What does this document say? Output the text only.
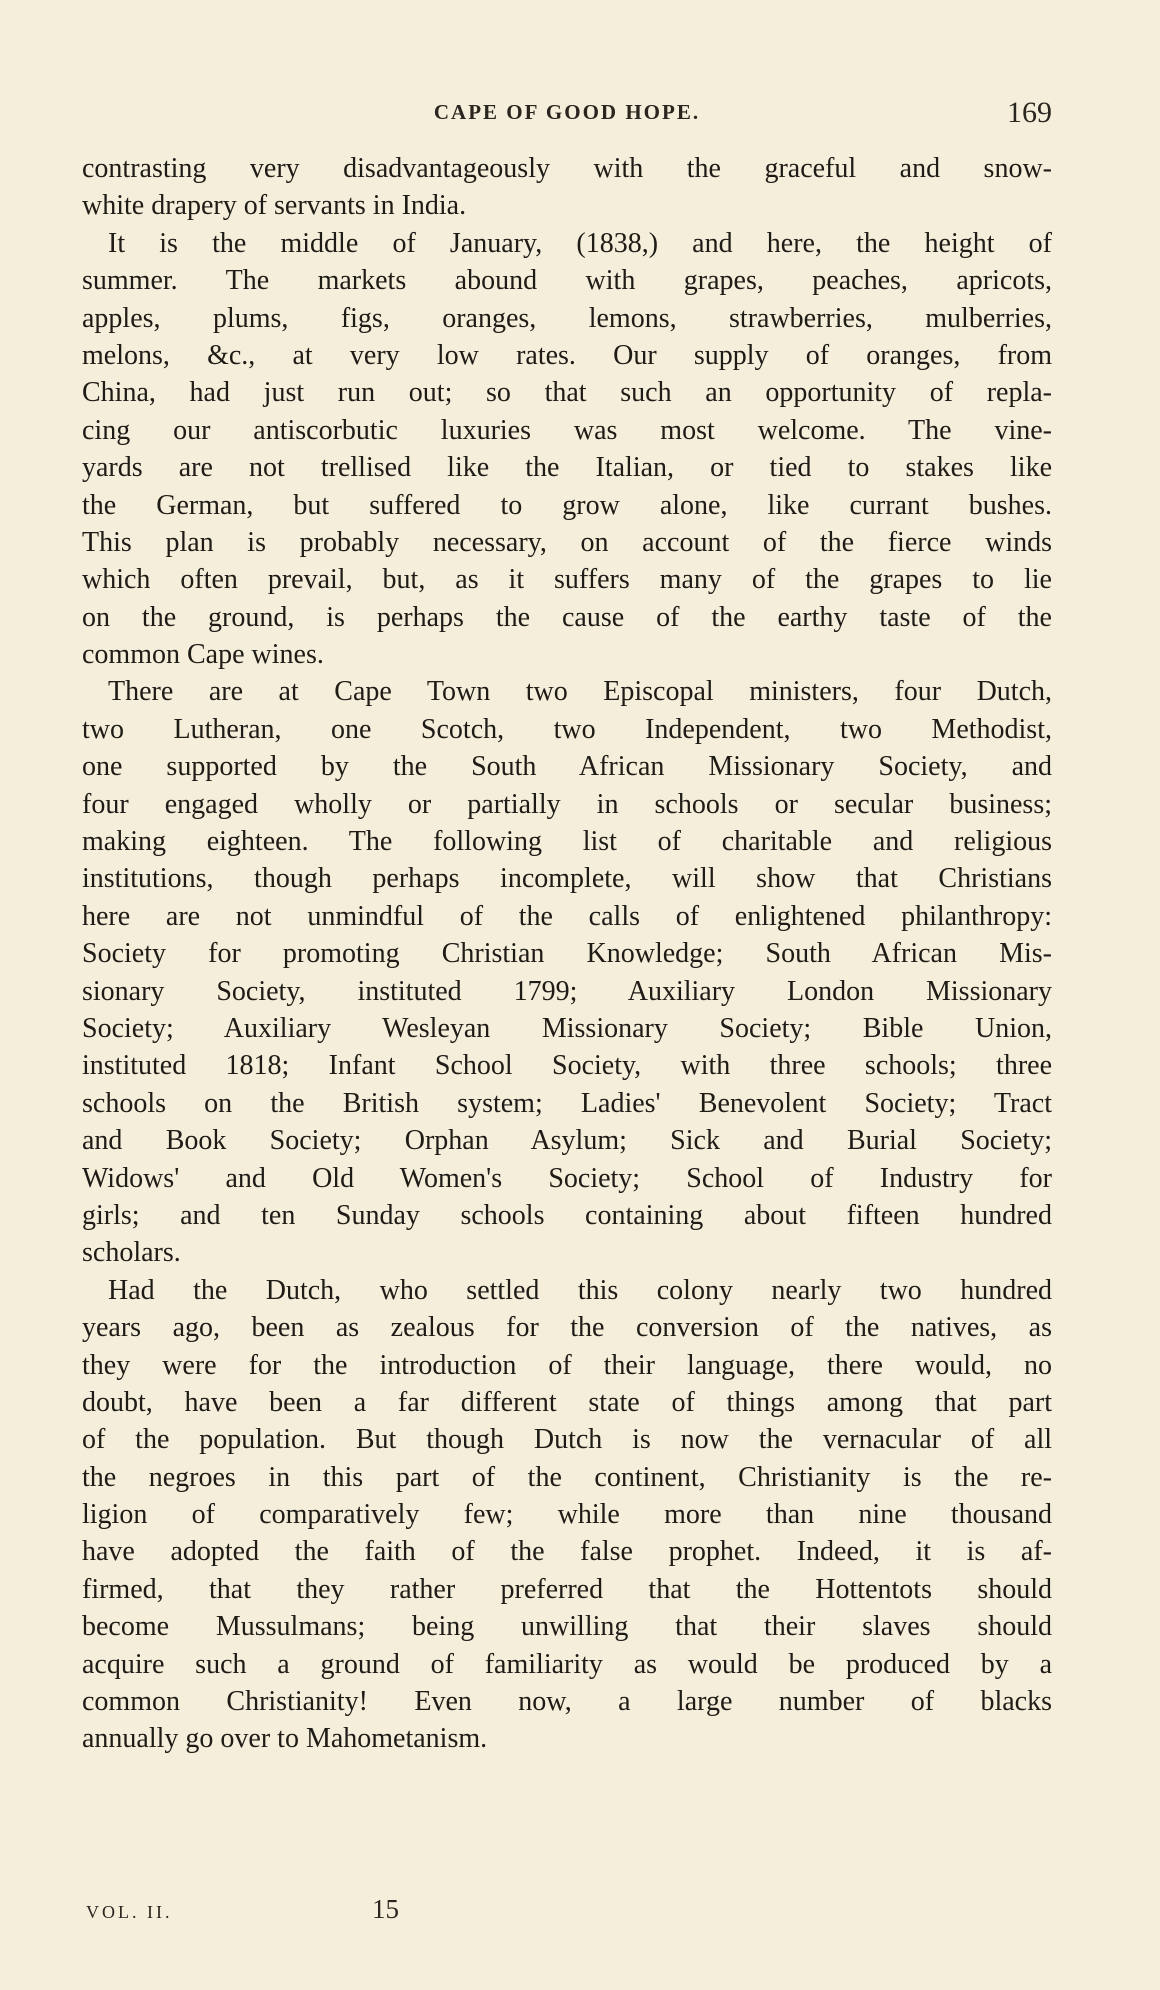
CAPE OF GOOD HOPE.	169
contrasting very disadvantageously with the graceful and snow-
white drapery of servants in India.
It is the middle of January, (1838,) and here, the height of
summer. The markets abound with grapes, peaches, apricots,
apples, plums, figs, oranges, lemons, strawberries, mulberries,
melons, &c., at very low rates. Our supply of oranges, from
China, had just run out; so that such an opportunity of repla-
cing our antiscorbutic luxuries was most welcome. The vine-
yards are not trellised like the Italian, or tied to stakes like
the German, but suffered to grow alone, like currant bushes.
This plan is probably necessary, on account of the fierce winds
which often prevail, but, as it suffers many of the grapes to lie
on the ground, is perhaps the cause of the earthy taste of the
common Cape wines.
There are at Cape Town two Episcopal ministers, four Dutch,
two Lutheran, one Scotch, two Independent, two Methodist,
one supported by the South African Missionary Society, and
four engaged wholly or partially in schools or secular business;
making eighteen. The following list of charitable and religious
institutions, though perhaps incomplete, will show that Christians
here are not unmindful of the calls of enlightened philanthropy:
Society for promoting Christian Knowledge; South African Mis-
sionary Society, instituted 1799; Auxiliary London Missionary
Society; Auxiliary Wesleyan Missionary Society; Bible Union,
instituted 1818; Infant School Society, with three schools; three
schools on the British system; Ladies' Benevolent Society; Tract
and Book Society; Orphan Asylum; Sick and Burial Society;
Widows' and Old Women's Society; School of Industry for
girls; and ten Sunday schools containing about fifteen hundred
scholars.
Had the Dutch, who settled this colony nearly two hundred
years ago, been as zealous for the conversion of the natives, as
they were for the introduction of their language, there would, no
doubt, have been a far different state of things among that part
of the population. But though Dutch is now the vernacular of all
the negroes in this part of the continent, Christianity is the re-
ligion of comparatively few; while more than nine thousand
have adopted the faith of the false prophet. Indeed, it is af-
firmed, that they rather preferred that the Hottentots should
become Mussulmans; being unwilling that their slaves should
acquire such a ground of familiarity as would be produced by a
common Christianity! Even now, a large number of blacks
annually go over to Mahometanism.
VOL. II.	15
